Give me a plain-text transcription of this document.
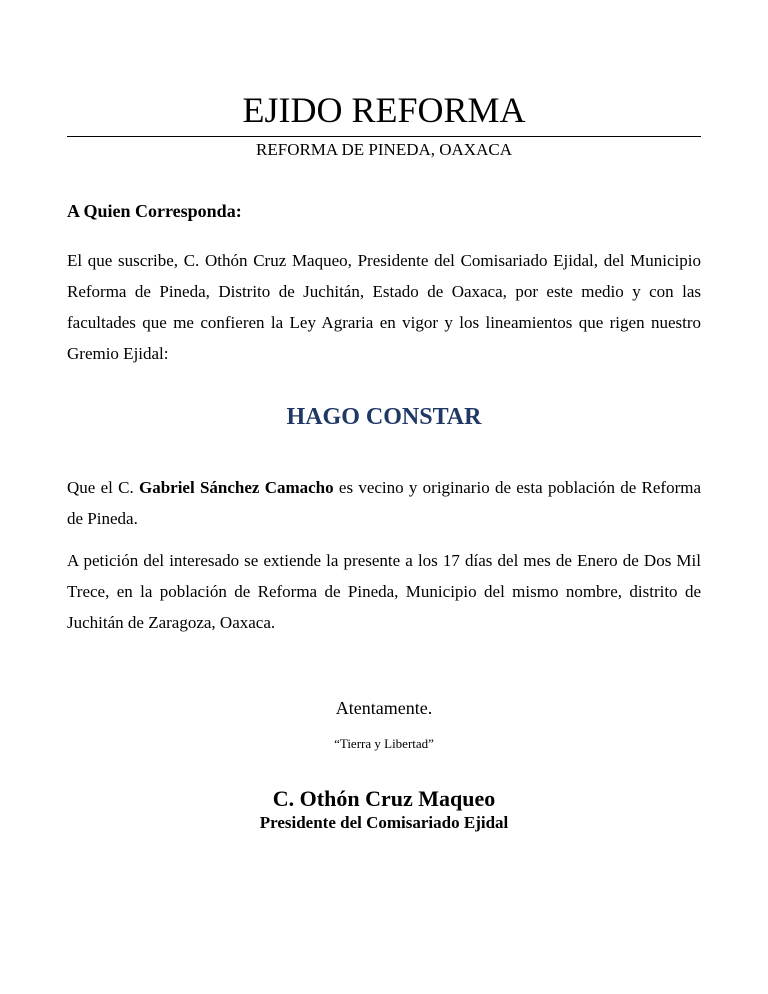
EJIDO REFORMA
REFORMA DE PINEDA, OAXACA
A Quien Corresponda:

El que suscribe, C. Othón Cruz Maqueo, Presidente del Comisariado Ejidal, del Municipio Reforma de Pineda, Distrito de Juchitán, Estado de Oaxaca, por este medio y con las facultades que me confieren la Ley Agraria en vigor y los lineamientos que rigen nuestro Gremio Ejidal:

HAGO CONSTAR

Que el C. Gabriel Sánchez Camacho es vecino y originario de esta población de Reforma de Pineda.

A petición del interesado se extiende la presente a los 17 días del mes de Enero de Dos Mil Trece, en la población de Reforma de Pineda, Municipio del mismo nombre, distrito de Juchitán de Zaragoza, Oaxaca.

Atentamente.
“Tierra y Libertad”
C. Othón Cruz Maqueo
Presidente del Comisariado Ejidal
